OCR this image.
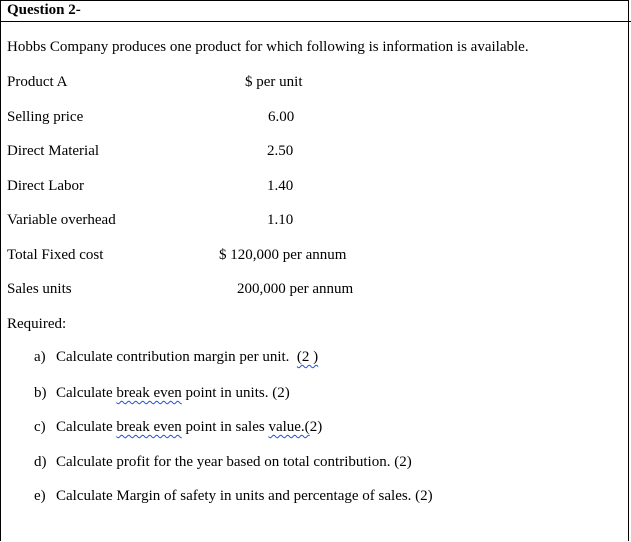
Question 2-
Hobbs Company produces one product for which following is information is available.
Product A	$ per unit
Selling price	6.00
Direct Material	2.50
Direct Labor	1.40
Variable overhead	1.10
Total Fixed cost	$ 120,000 per annum
Sales units	200,000 per annum
Required:
a) Calculate contribution margin per unit.  (2 )
b) Calculate break even point in units. (2)
c) Calculate break even point in sales value.(2)
d) Calculate profit for the year based on total contribution. (2)
e) Calculate Margin of safety in units and percentage of sales. (2)
